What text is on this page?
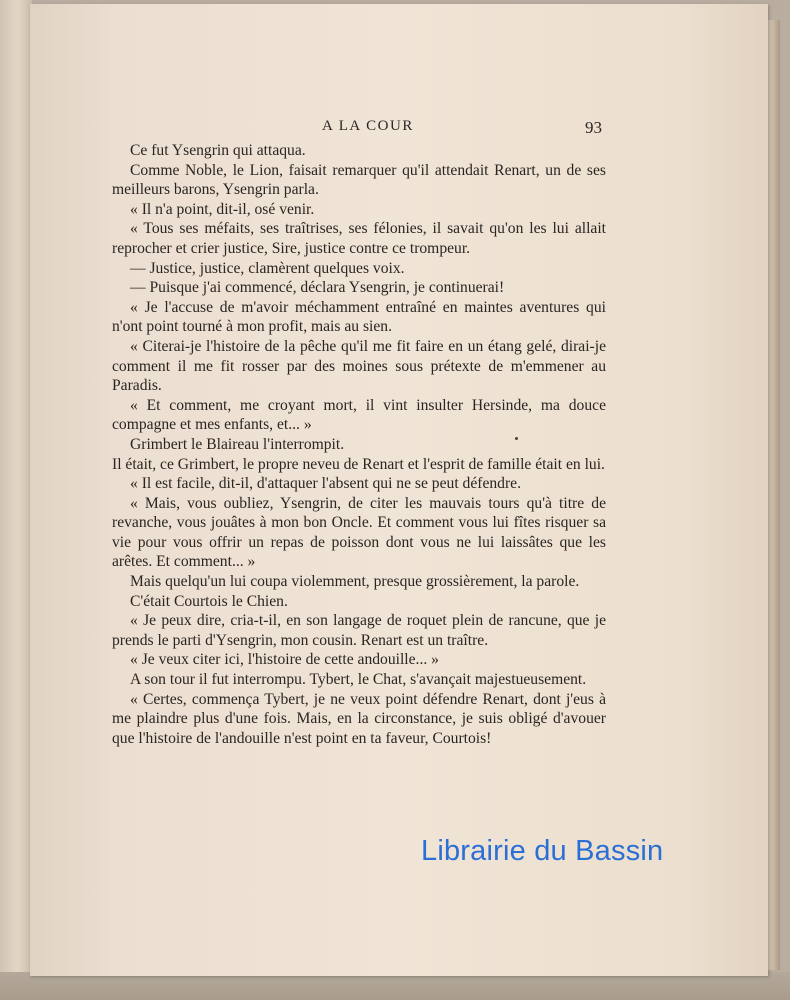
A LA COUR	93

Ce fut Ysengrin qui attaqua.

Comme Noble, le Lion, faisait remarquer qu'il attendait Renart, un de ses meilleurs barons, Ysengrin parla.

« Il n'a point, dit-il, osé venir.

« Tous ses méfaits, ses traîtrises, ses félonies, il savait qu'on les lui allait reprocher et crier justice, Sire, justice contre ce trompeur.

— Justice, justice, clamèrent quelques voix.

— Puisque j'ai commencé, déclara Ysengrin, je continuerai!

« Je l'accuse de m'avoir méchamment entraîné en maintes aventures qui n'ont point tourné à mon profit, mais au sien.

« Citerai-je l'histoire de la pêche qu'il me fit faire en un étang gelé, dirai-je comment il me fit rosser par des moines sous prétexte de m'emmener au Paradis.

« Et comment, me croyant mort, il vint insulter Hersinde, ma douce compagne et mes enfants, et... »

Grimbert le Blaireau l'interrompit.

Il était, ce Grimbert, le propre neveu de Renart et l'esprit de famille était en lui.

« Il est facile, dit-il, d'attaquer l'absent qui ne se peut défendre.

« Mais, vous oubliez, Ysengrin, de citer les mauvais tours qu'à titre de revanche, vous jouâtes à mon bon Oncle. Et comment vous lui fîtes risquer sa vie pour vous offrir un repas de poisson dont vous ne lui laissâtes que les arêtes. Et comment... »

Mais quelqu'un lui coupa violemment, presque grossièrement, la parole.

C'était Courtois le Chien.

« Je peux dire, cria-t-il, en son langage de roquet plein de rancune, que je prends le parti d'Ysengrin, mon cousin. Renart est un traître.

« Je veux citer ici, l'histoire de cette andouille... »

A son tour il fut interrompu. Tybert, le Chat, s'avançait majestueusement.

« Certes, commença Tybert, je ne veux point défendre Renart, dont j'eus à me plaindre plus d'une fois. Mais, en la circonstance, je suis obligé d'avouer que l'histoire de l'andouille n'est point en ta faveur, Courtois!

Librairie du Bassin
